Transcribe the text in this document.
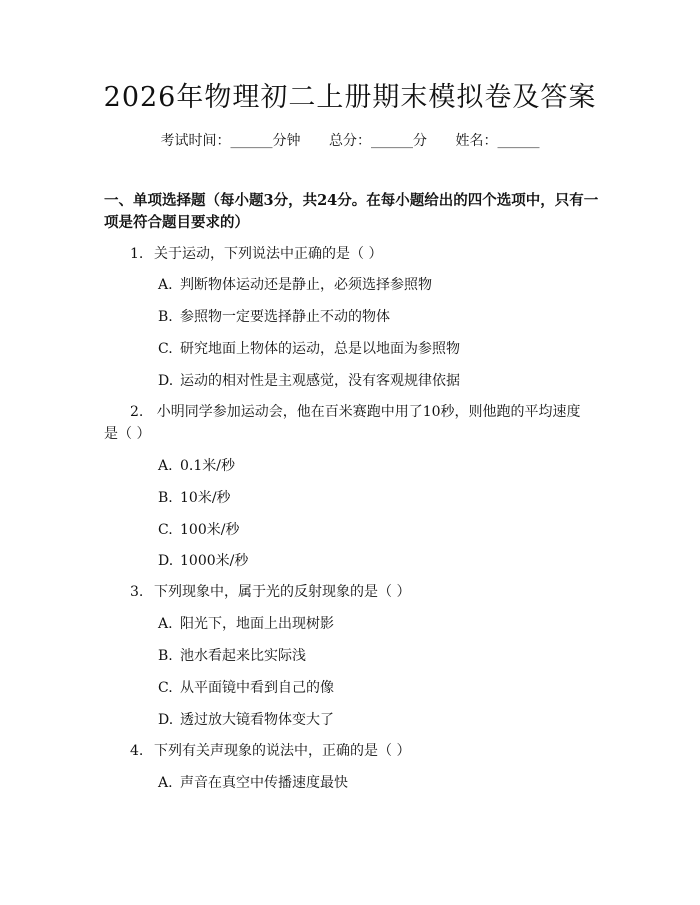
2026年物理初二上册期末模拟卷及答案
考试时间：______分钟 总分：______分 姓名：______

一、单项选择题（每小题3分，共24分。在每小题给出的四个选项中，只有一项是符合题目要求的）

1. 关于运动，下列说法中正确的是（ ）
A. 判断物体运动还是静止，必须选择参照物
B. 参照物一定要选择静止不动的物体
C. 研究地面上物体的运动，总是以地面为参照物
D. 运动的相对性是主观感觉，没有客观规律依据
2. 小明同学参加运动会，他在百米赛跑中用了10秒，则他跑的平均速度是（ ）
A. 0.1米/秒
B. 10米/秒
C. 100米/秒
D. 1000米/秒
3. 下列现象中，属于光的反射现象的是（ ）
A. 阳光下，地面上出现树影
B. 池水看起来比实际浅
C. 从平面镜中看到自己的像
D. 透过放大镜看物体变大了
4. 下列有关声现象的说法中，正确的是（ ）
A. 声音在真空中传播速度最快
